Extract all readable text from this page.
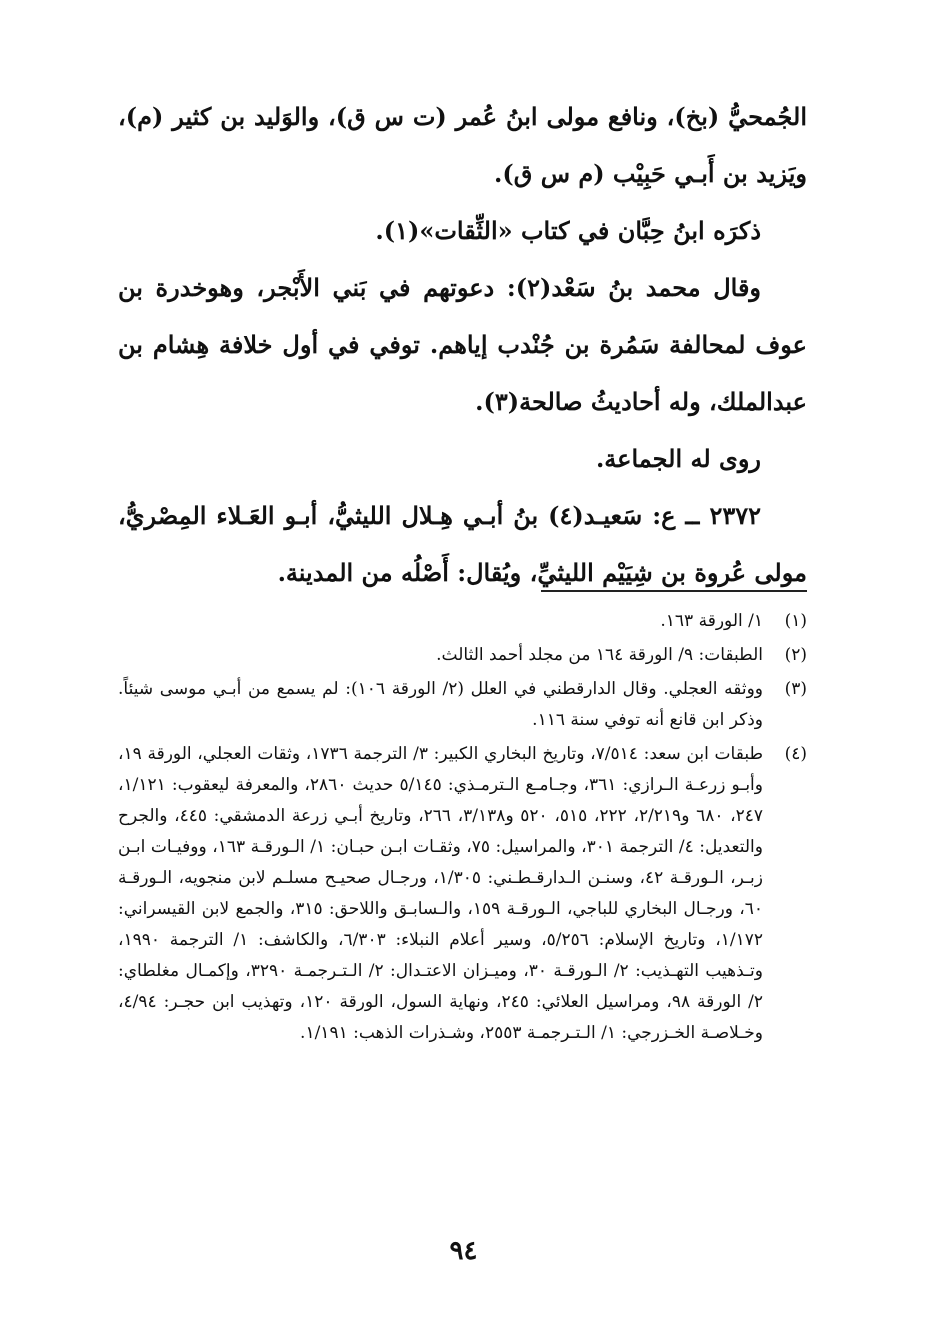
الجُمحيُّ (بخ)، ونافع مولى ابنُ عُمر (ت س ق)، والوَليد بن كثير (م)، ويَزيد بن أَبـي حَبِيْب (م س ق).

ذكرَه ابنُ حِبَّان في كتاب «الثِّقات»(١).

وقال محمد بنُ سَعْد(٢): دعوتهم في بَني الأَبْجر، وهوخدرة بن عوف لمحالفة سَمُرة بن جُنْدب إياهم. توفي في أول خلافة هِشام بن عبدالملك، وله أحاديثُ صالحة(٣).

روى له الجماعة.

٢٣٧٢ ــ ع: سَعيـد(٤) بنُ أبـي هِـلال الليثيُّ، أبـو العَـلاء المِصْريُّ، مولى عُروة بن شِيَيْم الليثيِّ، ويُقال: أَصْلُه من المدينة.

(١)
١/ الورقة ١٦٣.
(٢)
الطبقات: ٩/ الورقة ١٦٤ من مجلد أحمد الثالث.
(٣)
ووثقه العجلي. وقال الدارقطني في العلل (٢/ الورقة ١٠٦): لم يسمع من أبـي موسى شيئاً. وذكر ابن قانع أنه توفي سنة ١١٦.
(٤)
طبقات ابن سعد: ٧/٥١٤، وتاريخ البخاري الكبير: ٣/ الترجمة ١٧٣٦، وثقات العجلي، الورقة ١٩، وأبـو زرعـة الـرازي: ٣٦١، وجـامـع الـترمـذي: ٥/١٤٥ حديث ٢٨٦٠، والمعرفة ليعقوب: ١/١٢١، ٢٤٧، ٦٨٠ و٢/٢١٩، ٢٢٢، ٥١٥، ٥٢٠ و٣/١٣٨، ٢٦٦، وتاريخ أبـي زرعة الدمشقي: ٤٤٥، والجرح والتعديل: ٤/ الترجمة ٣٠١، والمراسيل: ٧٥، وثقـات ابـن حبـان: ١/ الـورقـة ١٦٣، ووفيـات ابـن زبـر، الـورقـة ٤٢، وسنـن الـدارقـطـني: ١/٣٠٥، ورجـال صحيـح مسلـم لابن منجويه، الـورقـة ٦٠، ورجـال البخاري للباجي، الـورقـة ١٥٩، والـسابـق واللاحق: ٣١٥، والجمع لابن القيسراني: ١/١٧٢، وتاريخ الإسلام: ٥/٢٥٦، وسير أعلام النبلاء: ٦/٣٠٣، والكاشف: ١/ الترجمة ١٩٩٠، وتـذهيب التهـذيب: ٢/ الـورقـة ٣٠، وميـزان الاعتـدال: ٢/ الـتـرجمـة ٣٢٩٠، وإكمـال مغلطاي: ٢/ الورقة ٩٨، ومراسيل العلائي: ٢٤٥، ونهاية السول، الورقة ١٢٠، وتهذيب ابن حجـر: ٤/٩٤، وخـلاصـة الخـزرجي: ١/ الـتـرجمـة ٢٥٥٣، وشـذرات الذهب: ١/١٩١.
٩٤
